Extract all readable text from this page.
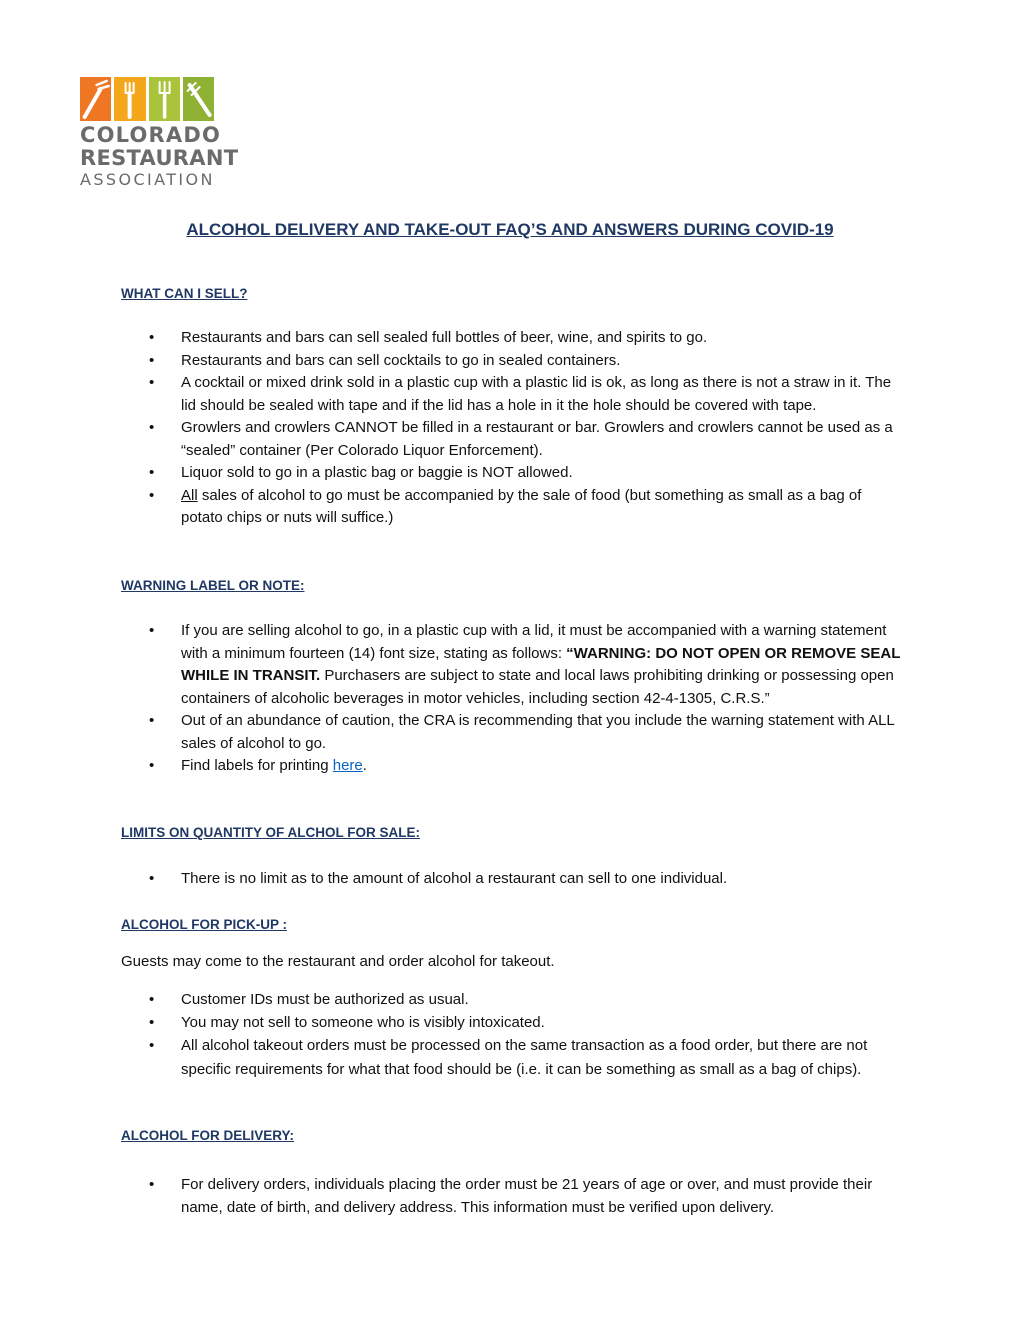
COLORADO
RESTAURANT
ASSOCIATION
ALCOHOL DELIVERY AND TAKE-OUT FAQ’S AND ANSWERS DURING COVID-19

WHAT CAN I SELL?

• Restaurants and bars can sell sealed full bottles of beer, wine, and spirits to go.
• Restaurants and bars can sell cocktails to go in sealed containers.
• A cocktail or mixed drink sold in a plastic cup with a plastic lid is ok, as long as there is not a straw in it. The lid should be sealed with tape and if the lid has a hole in it the hole should be covered with tape.
• Growlers and crowlers CANNOT be filled in a restaurant or bar. Growlers and crowlers cannot be used as a “sealed” container (Per Colorado Liquor Enforcement).
• Liquor sold to go in a plastic bag or baggie is NOT allowed.
• All sales of alcohol to go must be accompanied by the sale of food (but something as small as a bag of potato chips or nuts will suffice.)

WARNING LABEL OR NOTE:

• If you are selling alcohol to go, in a plastic cup with a lid, it must be accompanied with a warning statement with a minimum fourteen (14) font size, stating as follows: “WARNING: DO NOT OPEN OR REMOVE SEAL WHILE IN TRANSIT. Purchasers are subject to state and local laws prohibiting drinking or possessing open containers of alcoholic beverages in motor vehicles, including section 42-4-1305, C.R.S.”
• Out of an abundance of caution, the CRA is recommending that you include the warning statement with ALL sales of alcohol to go.
• Find labels for printing here.

LIMITS ON QUANTITY OF ALCHOL FOR SALE:

• There is no limit as to the amount of alcohol a restaurant can sell to one individual.

ALCOHOL FOR PICK-UP :

Guests may come to the restaurant and order alcohol for takeout.

• Customer IDs must be authorized as usual.
• You may not sell to someone who is visibly intoxicated.
• All alcohol takeout orders must be processed on the same transaction as a food order, but there are not specific requirements for what that food should be (i.e. it can be something as small as a bag of chips).

ALCOHOL FOR DELIVERY:

• For delivery orders, individuals placing the order must be 21 years of age or over, and must provide their name, date of birth, and delivery address. This information must be verified upon delivery.
